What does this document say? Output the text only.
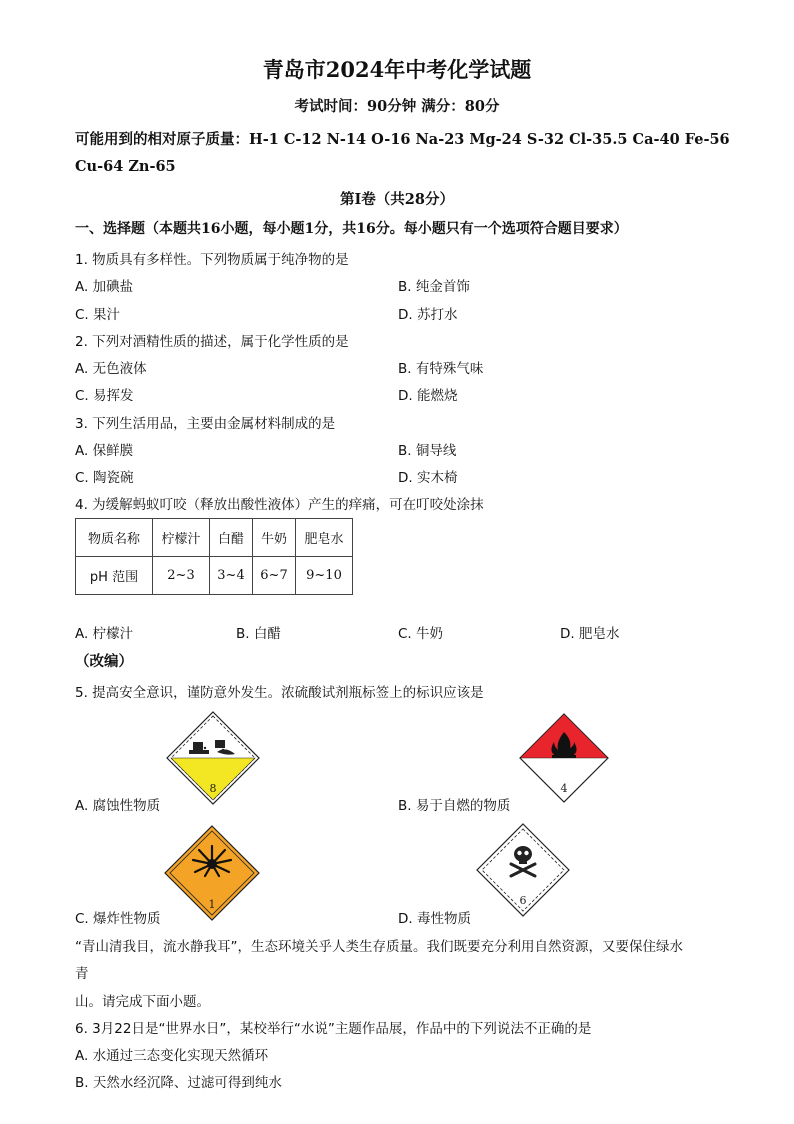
青岛市2024年中考化学试题
考试时间：90分钟 满分：80分
可能用到的相对原子质量：H-1 C-12 N-14 O-16 Na-23 Mg-24 S-32 Cl-35.5 Ca-40 Fe-56
Cu-64 Zn-65
第Ⅰ卷（共28分）
一、选择题（本题共16小题，每小题1分，共16分。每小题只有一个选项符合题目要求）
1. 物质具有多样性。下列物质属于纯净物的是
A. 加碘盐	B. 纯金首饰
C. 果汁	D. 苏打水
2. 下列对酒精性质的描述，属于化学性质的是
A. 无色液体	B. 有特殊气味
C. 易挥发	D. 能燃烧
3. 下列生活用品，主要由金属材料制成的是
A. 保鲜膜	B. 铜导线
C. 陶瓷碗	D. 实木椅
4. 为缓解蚂蚁叮咬（释放出酸性液体）产生的痒痛，可在叮咬处涂抹
物质名称	柠檬汁	白醋	牛奶	肥皂水
pH 范围	2~3	3~4	6~7	9~10
A. 柠檬汁	B. 白醋	C. 牛奶	D. 肥皂水
（改编）
5. 提高安全意识，谨防意外发生。浓硫酸试剂瓶标签上的标识应该是
8
A. 腐蚀性物质
4
B. 易于自燃的物质
1
C. 爆炸性物质
6
D. 毒性物质
“青山清我目，流水静我耳”，生态环境关乎人类生存质量。我们既要充分利用自然资源，又要保住绿水
青
山。请完成下面小题。
6. 3月22日是“世界水日”，某校举行“水说”主题作品展，作品中的下列说法不正确的是
A. 水通过三态变化实现天然循环
B. 天然水经沉降、过滤可得到纯水
